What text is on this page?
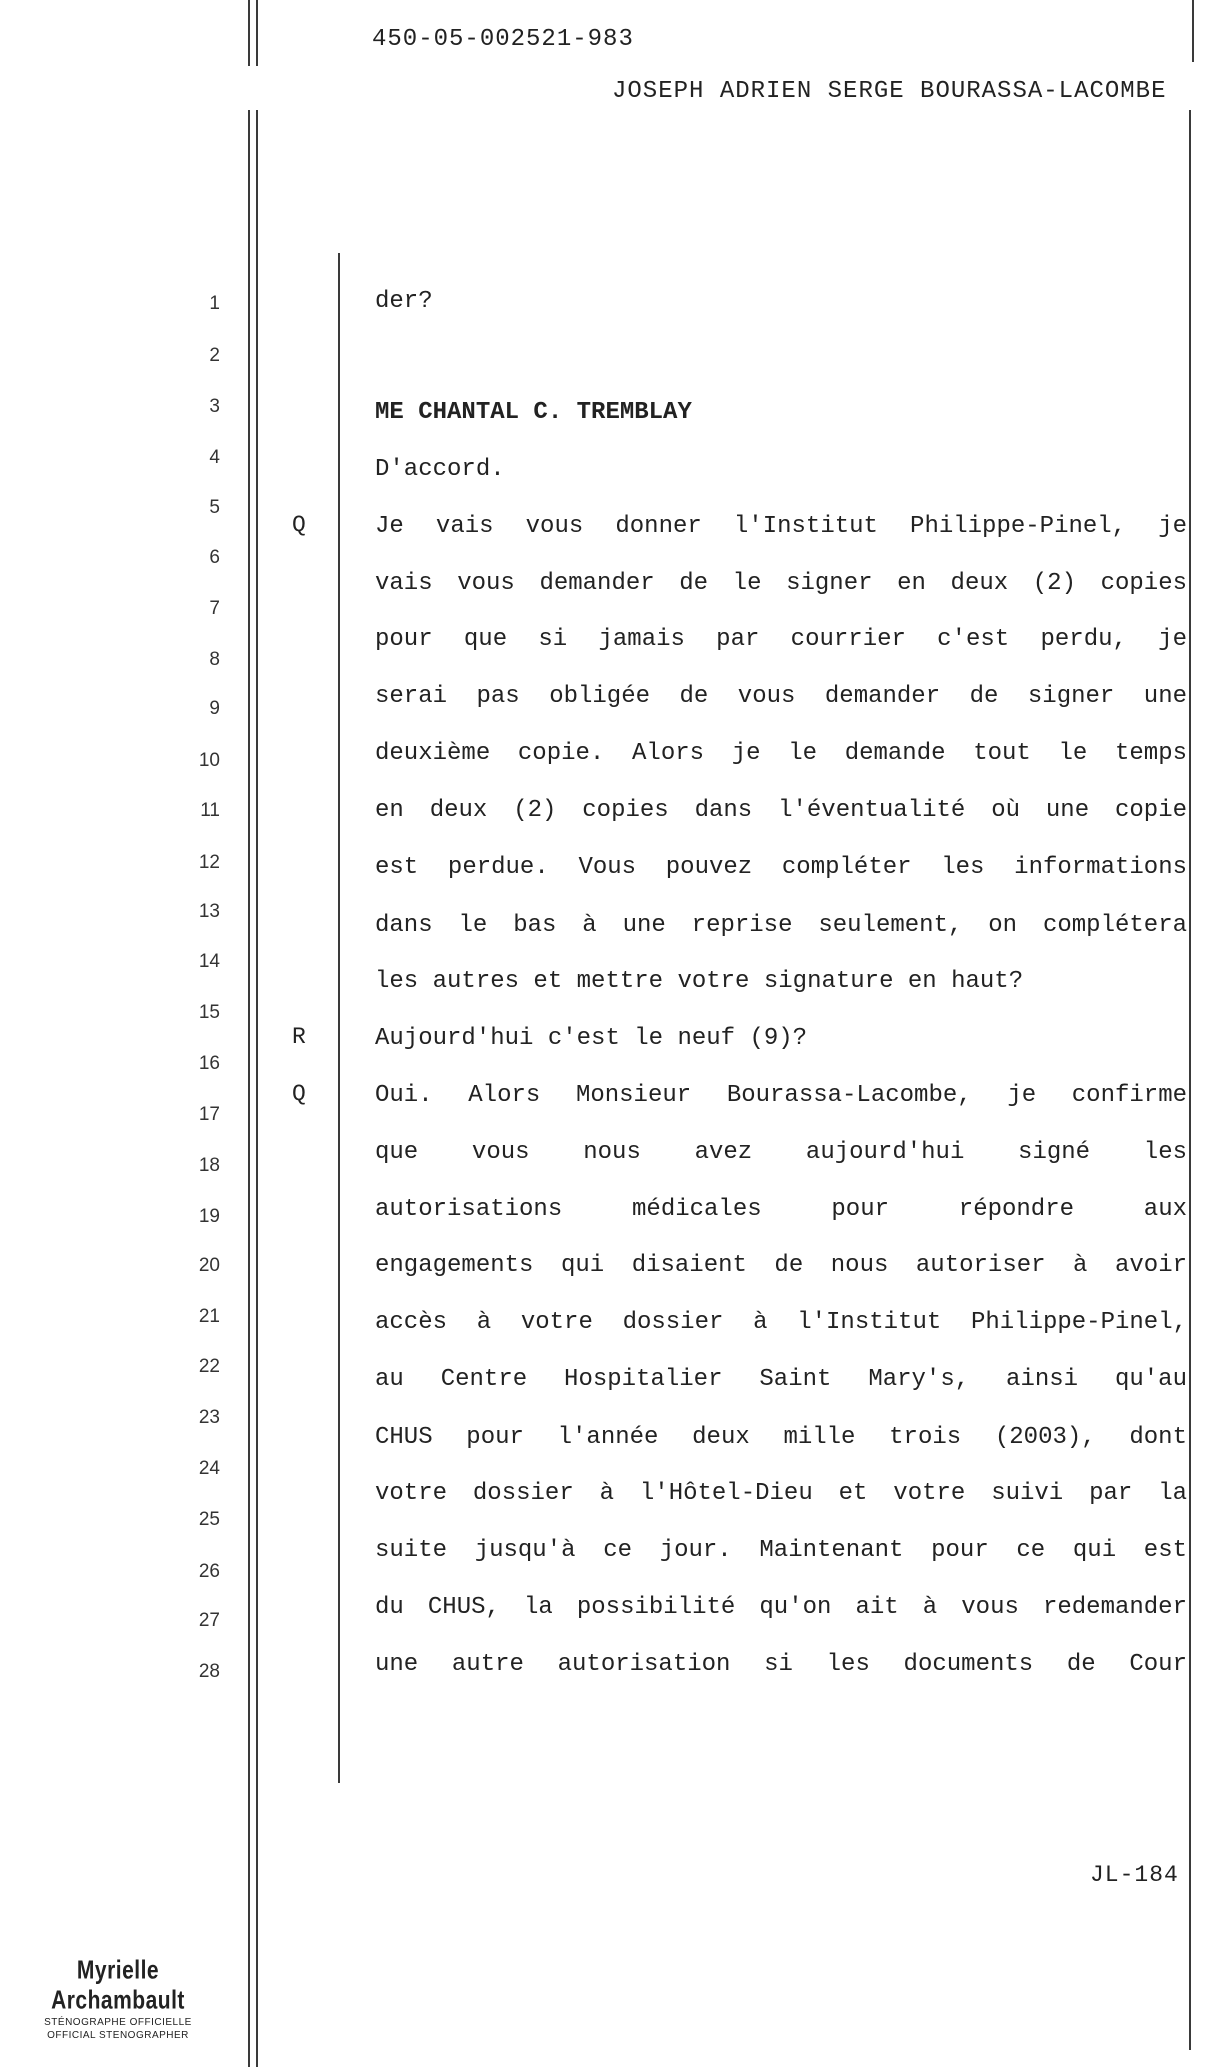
450-05-002521-983
JOSEPH ADRIEN SERGE BOURASSA-LACOMBE
1	der?
2
3	ME CHANTAL C. TREMBLAY
4	D'accord.
5
Q	Je vais vous donner l'Institut Philippe-Pinel, je
6
vais vous demander de le signer en deux (2) copies
7
pour que si jamais par courrier c'est perdu, je
8
serai pas obligée de vous demander de signer une
9
deuxième copie. Alors je le demande tout le temps
10
en deux (2) copies dans l'éventualité où une copie
11
est perdue. Vous pouvez compléter les informations
12
dans le bas à une reprise seulement, on complétera
13
les autres et mettre votre signature en haut?
14
R	Aujourd'hui c'est le neuf (9)?
15
Q	Oui. Alors Monsieur Bourassa-Lacombe, je confirme
16
que vous nous avez aujourd'hui signé les
17
autorisations médicales pour répondre aux
18
engagements qui disaient de nous autoriser à avoir
19
accès à votre dossier à l'Institut Philippe-Pinel,
20
au Centre Hospitalier Saint Mary's, ainsi qu'au
21
CHUS pour l'année deux mille trois (2003), dont
22
votre dossier à l'Hôtel-Dieu et votre suivi par la
23
suite jusqu'à ce jour. Maintenant pour ce qui est
24
du CHUS, la possibilité qu'on ait à vous redemander
25
une autre autorisation si les documents de Cour
26
27
28
JL-184
Myrielle Archambault
STÉNOGRAPHE OFFICIELLE
OFFICIAL STENOGRAPHER
